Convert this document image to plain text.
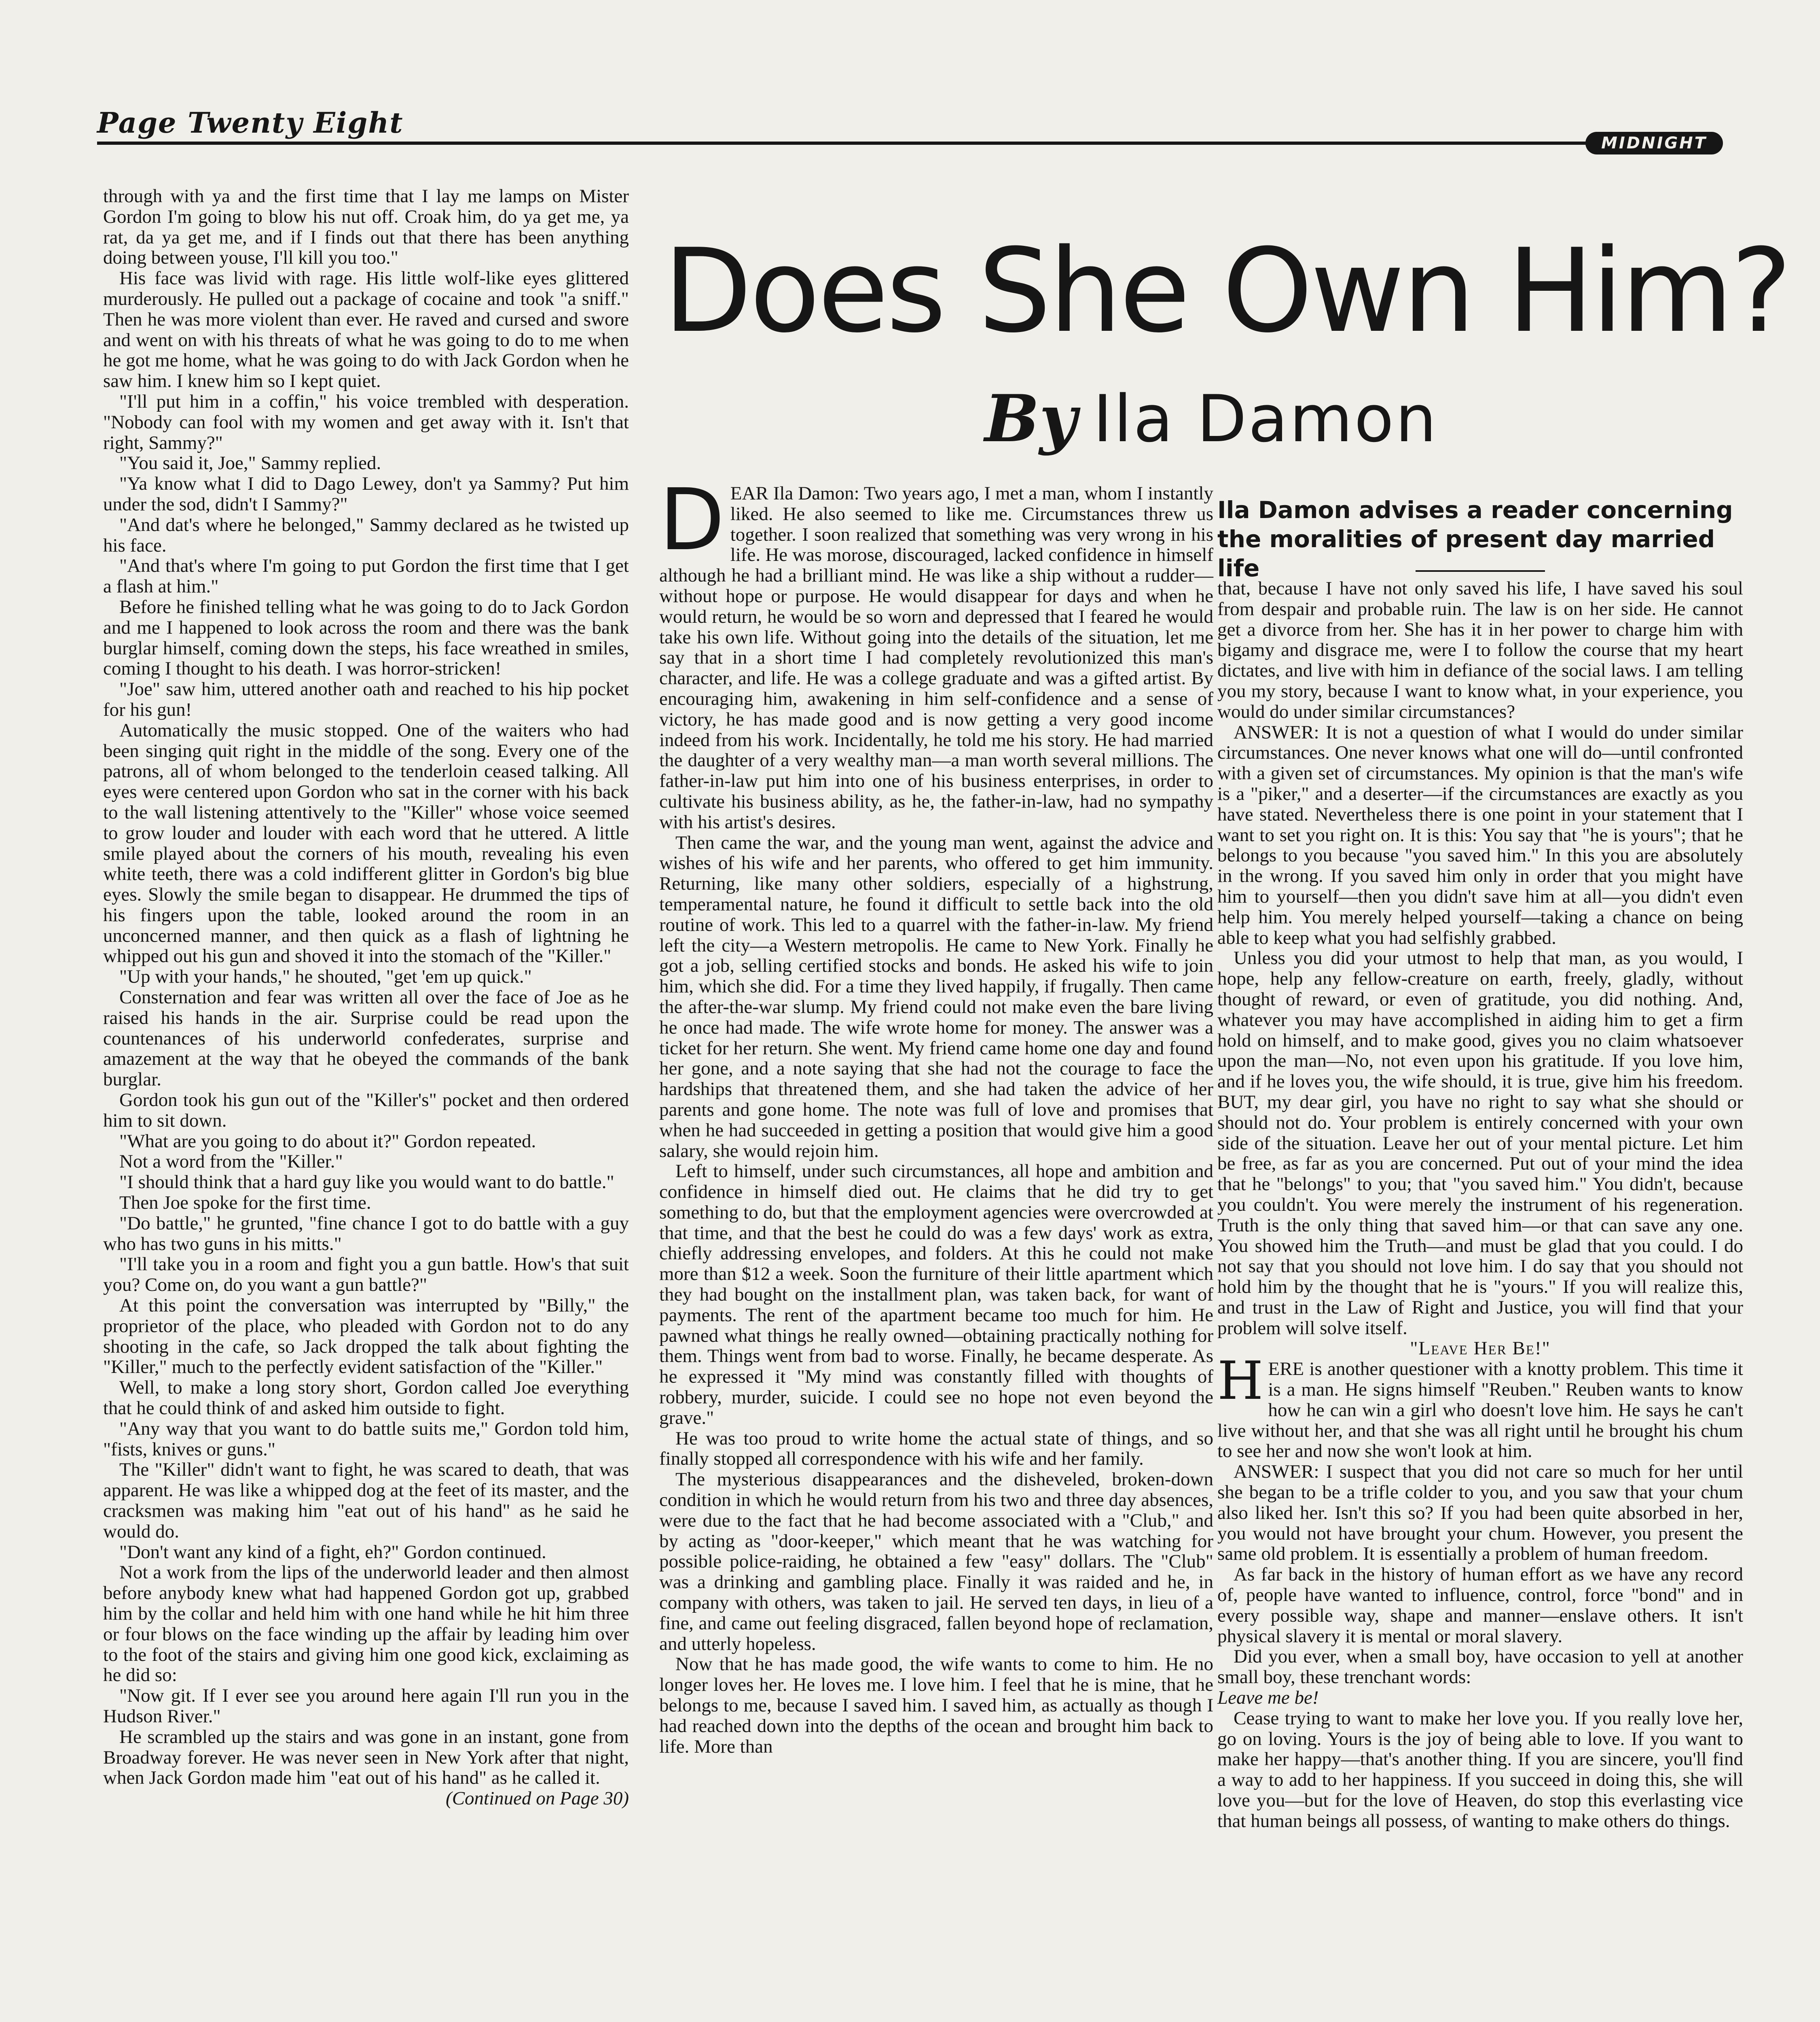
Page Twenty Eight
MIDNIGHT

through with ya and the first time that I lay me lamps on Mister Gordon I'm going to blow his nut off. Croak him, do ya get me, ya rat, da ya get me, and if I finds out that there has been anything doing between youse, I'll kill you too."

His face was livid with rage. His little wolf-like eyes glittered murderously. He pulled out a package of cocaine and took "a sniff." Then he was more violent than ever. He raved and cursed and swore and went on with his threats of what he was going to do to me when he got me home, what he was going to do with Jack Gordon when he saw him. I knew him so I kept quiet.

"I'll put him in a coffin," his voice trembled with desperation. "Nobody can fool with my women and get away with it. Isn't that right, Sammy?"

"You said it, Joe," Sammy replied.

"Ya know what I did to Dago Lewey, don't ya Sammy? Put him under the sod, didn't I Sammy?"

"And dat's where he belonged," Sammy declared as he twisted up his face.

"And that's where I'm going to put Gordon the first time that I get a flash at him."

Before he finished telling what he was going to do to Jack Gordon and me I happened to look across the room and there was the bank burglar himself, coming down the steps, his face wreathed in smiles, coming I thought to his death. I was horror-stricken!

"Joe" saw him, uttered another oath and reached to his hip pocket for his gun!

Automatically the music stopped. One of the waiters who had been singing quit right in the middle of the song. Every one of the patrons, all of whom belonged to the tenderloin ceased talking. All eyes were centered upon Gordon who sat in the corner with his back to the wall listening attentively to the "Killer" whose voice seemed to grow louder and louder with each word that he uttered. A little smile played about the corners of his mouth, revealing his even white teeth, there was a cold indifferent glitter in Gordon's big blue eyes. Slowly the smile began to disappear. He drummed the tips of his fingers upon the table, looked around the room in an unconcerned manner, and then quick as a flash of lightning he whipped out his gun and shoved it into the stomach of the "Killer."

"Up with your hands," he shouted, "get 'em up quick."

Consternation and fear was written all over the face of Joe as he raised his hands in the air. Surprise could be read upon the countenances of his underworld confederates, surprise and amazement at the way that he obeyed the commands of the bank burglar.

Gordon took his gun out of the "Killer's" pocket and then ordered him to sit down.

"What are you going to do about it?" Gordon repeated.

Not a word from the "Killer."

"I should think that a hard guy like you would want to do battle."

Then Joe spoke for the first time.

"Do battle," he grunted, "fine chance I got to do battle with a guy who has two guns in his mitts."

"I'll take you in a room and fight you a gun battle. How's that suit you? Come on, do you want a gun battle?"

At this point the conversation was interrupted by "Billy," the proprietor of the place, who pleaded with Gordon not to do any shooting in the cafe, so Jack dropped the talk about fighting the "Killer," much to the perfectly evident satisfaction of the "Killer."

Well, to make a long story short, Gordon called Joe everything that he could think of and asked him outside to fight.

"Any way that you want to do battle suits me," Gordon told him, "fists, knives or guns."

The "Killer" didn't want to fight, he was scared to death, that was apparent. He was like a whipped dog at the feet of its master, and the cracksmen was making him "eat out of his hand" as he said he would do.

"Don't want any kind of a fight, eh?" Gordon continued.

Not a work from the lips of the underworld leader and then almost before anybody knew what had happened Gordon got up, grabbed him by the collar and held him with one hand while he hit him three or four blows on the face winding up the affair by leading him over to the foot of the stairs and giving him one good kick, exclaiming as he did so:

"Now git. If I ever see you around here again I'll run you in the Hudson River."

He scrambled up the stairs and was gone in an instant, gone from Broadway forever. He was never seen in New York after that night, when Jack Gordon made him "eat out of his hand" as he called it.

(Continued on Page 30)

Does She Own Him?
By Ila Damon

DEAR Ila Damon: Two years ago, I met a man, whom I instantly liked. He also seemed to like me. Circumstances threw us together. I soon realized that something was very wrong in his life. He was morose, discouraged, lacked confidence in himself although he had a brilliant mind. He was like a ship without a rudder—without hope or purpose. He would disappear for days and when he would return, he would be so worn and depressed that I feared he would take his own life. Without going into the details of the situation, let me say that in a short time I had completely revolutionized this man's character, and life. He was a college graduate and was a gifted artist. By encouraging him, awakening in him self-confidence and a sense of victory, he has made good and is now getting a very good income indeed from his work. Incidentally, he told me his story. He had married the daughter of a very wealthy man—a man worth several millions. The father-in-law put him into one of his business enterprises, in order to cultivate his business ability, as he, the father-in-law, had no sympathy with his artist's desires.

Then came the war, and the young man went, against the advice and wishes of his wife and her parents, who offered to get him immunity. Returning, like many other soldiers, especially of a highstrung, temperamental nature, he found it difficult to settle back into the old routine of work. This led to a quarrel with the father-in-law. My friend left the city—a Western metropolis. He came to New York. Finally he got a job, selling certified stocks and bonds. He asked his wife to join him, which she did. For a time they lived happily, if frugally. Then came the after-the-war slump. My friend could not make even the bare living he once had made. The wife wrote home for money. The answer was a ticket for her return. She went. My friend came home one day and found her gone, and a note saying that she had not the courage to face the hardships that threatened them, and she had taken the advice of her parents and gone home. The note was full of love and promises that when he had succeeded in getting a position that would give him a good salary, she would rejoin him.

Left to himself, under such circumstances, all hope and ambition and confidence in himself died out. He claims that he did try to get something to do, but that the employment agencies were overcrowded at that time, and that the best he could do was a few days' work as extra, chiefly addressing envelopes, and folders. At this he could not make more than $12 a week. Soon the furniture of their little apartment which they had bought on the installment plan, was taken back, for want of payments. The rent of the apartment became too much for him. He pawned what things he really owned—obtaining practically nothing for them. Things went from bad to worse. Finally, he became desperate. As he expressed it "My mind was constantly filled with thoughts of robbery, murder, suicide. I could see no hope not even beyond the grave."

He was too proud to write home the actual state of things, and so finally stopped all correspondence with his wife and her family.

The mysterious disappearances and the disheveled, broken-down condition in which he would return from his two and three day absences, were due to the fact that he had become associated with a "Club," and by acting as "door-keeper," which meant that he was watching for possible police-raiding, he obtained a few "easy" dollars. The "Club" was a drinking and gambling place. Finally it was raided and he, in company with others, was taken to jail. He served ten days, in lieu of a fine, and came out feeling disgraced, fallen beyond hope of reclamation, and utterly hopeless.

Now that he has made good, the wife wants to come to him. He no longer loves her. He loves me. I love him. I feel that he is mine, that he belongs to me, because I saved him. I saved him, as actually as though I had reached down into the depths of the ocean and brought him back to life. More than

Ila Damon advises a reader concerning the moralities of present day married life

that, because I have not only saved his life, I have saved his soul from despair and probable ruin. The law is on her side. He cannot get a divorce from her. She has it in her power to charge him with bigamy and disgrace me, were I to follow the course that my heart dictates, and live with him in defiance of the social laws. I am telling you my story, because I want to know what, in your experience, you would do under similar circumstances?

ANSWER: It is not a question of what I would do under similar circumstances. One never knows what one will do—until confronted with a given set of circumstances. My opinion is that the man's wife is a "piker," and a deserter—if the circumstances are exactly as you have stated. Nevertheless there is one point in your statement that I want to set you right on. It is this: You say that "he is yours"; that he belongs to you because "you saved him." In this you are absolutely in the wrong. If you saved him only in order that you might have him to yourself—then you didn't save him at all—you didn't even help him. You merely helped yourself—taking a chance on being able to keep what you had selfishly grabbed.

Unless you did your utmost to help that man, as you would, I hope, help any fellow-creature on earth, freely, gladly, without thought of reward, or even of gratitude, you did nothing. And, whatever you may have accomplished in aiding him to get a firm hold on himself, and to make good, gives you no claim whatsoever upon the man—No, not even upon his gratitude. If you love him, and if he loves you, the wife should, it is true, give him his freedom. BUT, my dear girl, you have no right to say what she should or should not do. Your problem is entirely concerned with your own side of the situation. Leave her out of your mental picture. Let him be free, as far as you are concerned. Put out of your mind the idea that he "belongs" to you; that "you saved him." You didn't, because you couldn't. You were merely the instrument of his regeneration. Truth is the only thing that saved him—or that can save any one. You showed him the Truth—and must be glad that you could. I do not say that you should not love him. I do say that you should not hold him by the thought that he is "yours." If you will realize this, and trust in the Law of Right and Justice, you will find that your problem will solve itself.

"Leave Her Be!"

HERE is another questioner with a knotty problem. This time it is a man. He signs himself "Reuben." Reuben wants to know how he can win a girl who doesn't love him. He says he can't live without her, and that she was all right until he brought his chum to see her and now she won't look at him.

ANSWER: I suspect that you did not care so much for her until she began to be a trifle colder to you, and you saw that your chum also liked her. Isn't this so? If you had been quite absorbed in her, you would not have brought your chum. However, you present the same old problem. It is essentially a problem of human freedom.

As far back in the history of human effort as we have any record of, people have wanted to influence, control, force "bond" and in every possible way, shape and manner—enslave others. It isn't physical slavery it is mental or moral slavery.

Did you ever, when a small boy, have occasion to yell at another small boy, these trenchant words:

Leave me be!

Cease trying to want to make her love you. If you really love her, go on loving. Yours is the joy of being able to love. If you want to make her happy—that's another thing. If you are sincere, you'll find a way to add to her happiness. If you succeed in doing this, she will love you—but for the love of Heaven, do stop this everlasting vice that human beings all possess, of wanting to make others do things.
